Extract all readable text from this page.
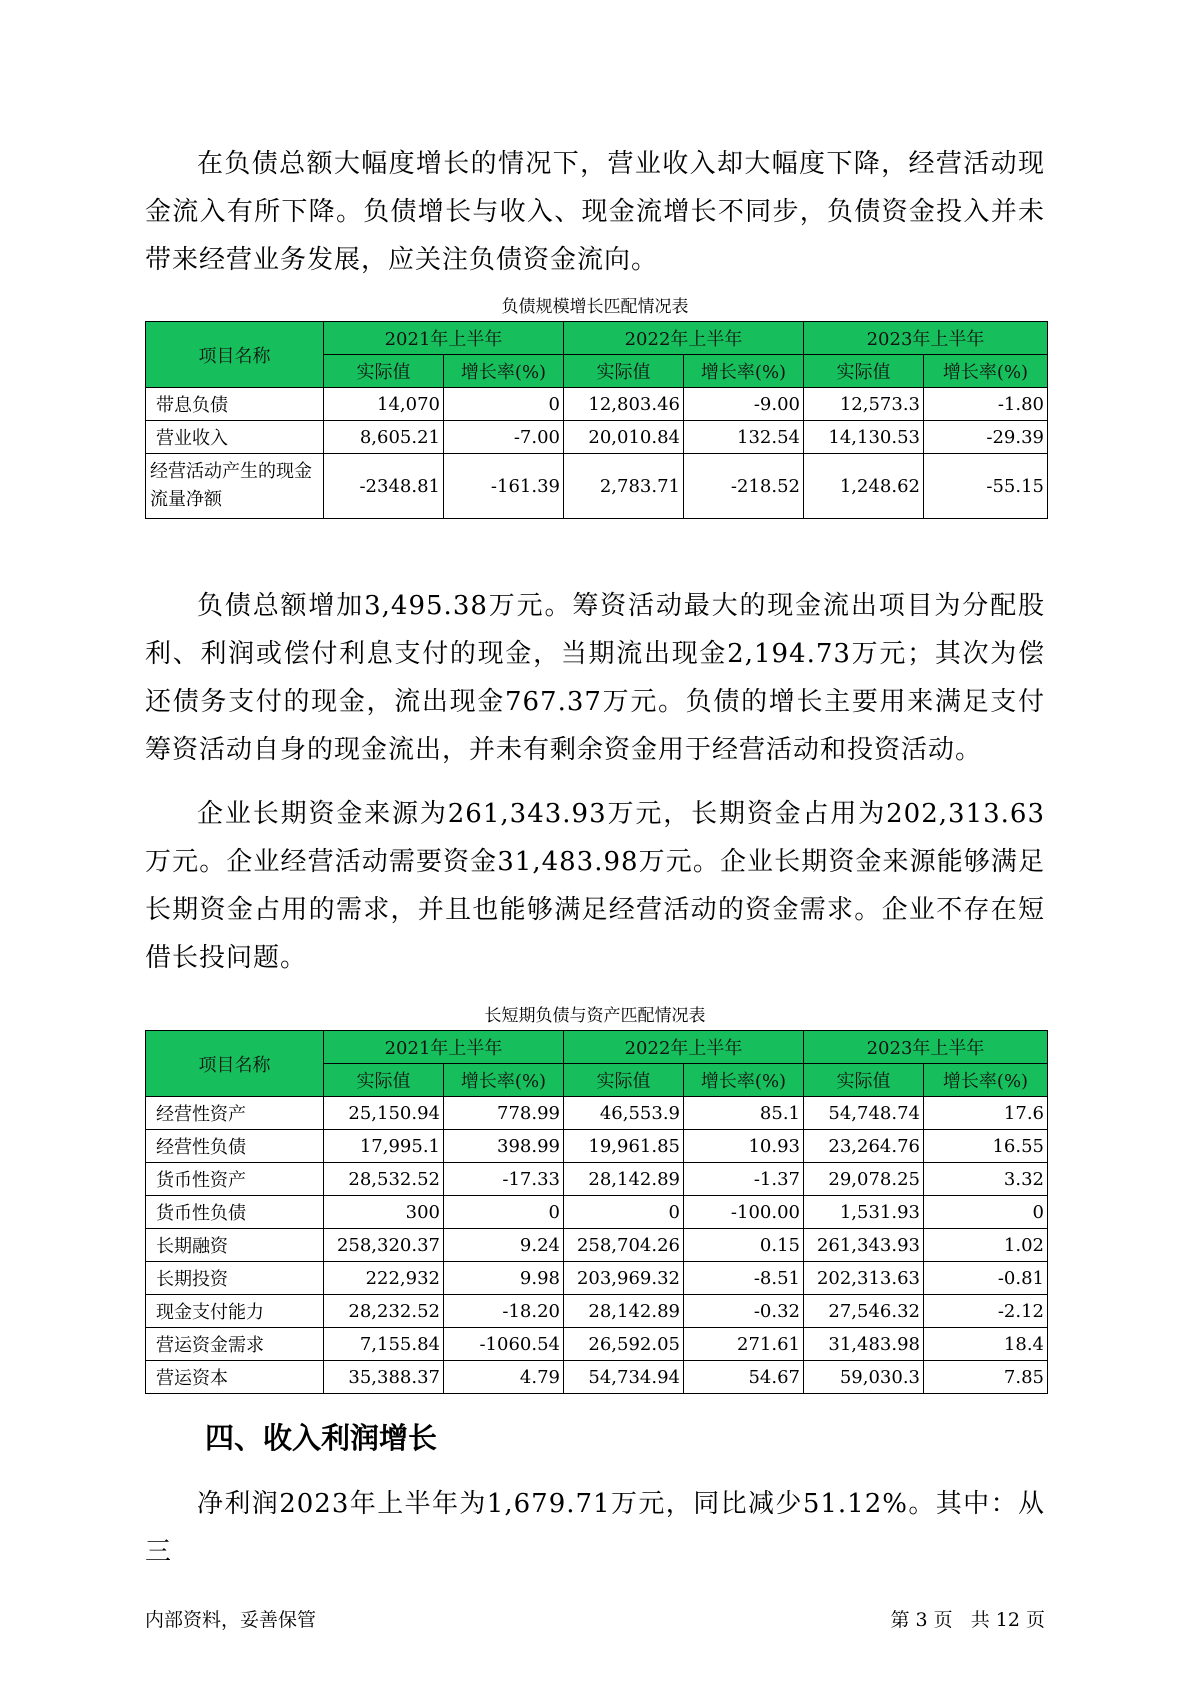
在负债总额大幅度增长的情况下，营业收入却大幅度下降，经营活动现金流入有所下降。负债增长与收入、现金流增长不同步，负债资金投入并未带来经营业务发展，应关注负债资金流向。

负债规模增长匹配情况表
项目名称	2021年上半年		2022年上半年		2023年上半年	
	实际值	增长率(%)	实际值	增长率(%)	实际值	增长率(%)
带息负债	14,070	0	12,803.46	-9.00	12,573.3	-1.80
营业收入	8,605.21	-7.00	20,010.84	132.54	14,130.53	-29.39
经营活动产生的现金流量净额	-2348.81	-161.39	2,783.71	-218.52	1,248.62	-55.15

负债总额增加3,495.38万元。筹资活动最大的现金流出项目为分配股利、利润或偿付利息支付的现金，当期流出现金2,194.73万元；其次为偿还债务支付的现金，流出现金767.37万元。负债的增长主要用来满足支付筹资活动自身的现金流出，并未有剩余资金用于经营活动和投资活动。

企业长期资金来源为261,343.93万元，长期资金占用为202,313.63万元。企业经营活动需要资金31,483.98万元。企业长期资金来源能够满足长期资金占用的需求，并且也能够满足经营活动的资金需求。企业不存在短借长投问题。

长短期负债与资产匹配情况表
项目名称	2021年上半年		2022年上半年		2023年上半年	
	实际值	增长率(%)	实际值	增长率(%)	实际值	增长率(%)
经营性资产	25,150.94	778.99	46,553.9	85.1	54,748.74	17.6
经营性负债	17,995.1	398.99	19,961.85	10.93	23,264.76	16.55
货币性资产	28,532.52	-17.33	28,142.89	-1.37	29,078.25	3.32
货币性负债	300	0	0	-100.00	1,531.93	0
长期融资	258,320.37	9.24	258,704.26	0.15	261,343.93	1.02
长期投资	222,932	9.98	203,969.32	-8.51	202,313.63	-0.81
现金支付能力	28,232.52	-18.20	28,142.89	-0.32	27,546.32	-2.12
营运资金需求	7,155.84	-1060.54	26,592.05	271.61	31,483.98	18.4
营运资本	35,388.37	4.79	54,734.94	54.67	59,030.3	7.85
四、收入利润增长

净利润2023年上半年为1,679.71万元，同比减少51.12%。其中：从三

内部资料，妥善保管	第 3 页   共 12 页
